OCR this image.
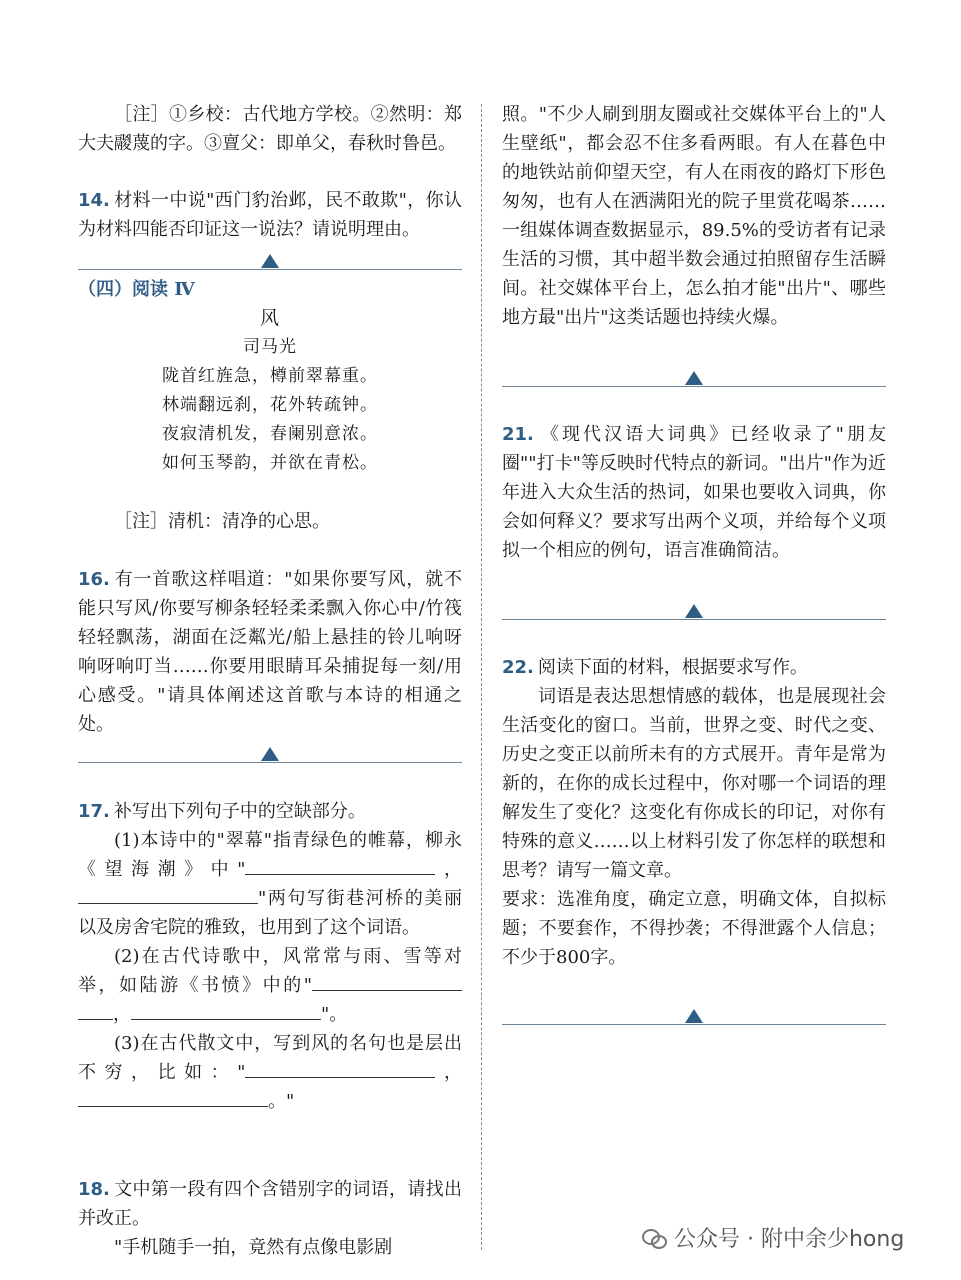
［注］①乡校：古代地方学校。②然明：郑大夫鬷蔑的字。③亶父：即单父，春秋时鲁邑。

14. 材料一中说"西门豹治邺，民不敢欺"，你认为材料四能否印证这一说法？请说明理由。

（四）阅读 Ⅳ
风
司马光
陇首红旌急，樽前翠幕重。
林端翻远刹，花外转疏钟。
夜寂清机发，春阑别意浓。
如何玉琴韵，并欲在青松。

［注］清机：清净的心思。

16. 有一首歌这样唱道："如果你要写风，就不能只写风/你要写柳条轻轻柔柔飘入你心中/竹筏轻轻飘荡，湖面在泛粼光/船上悬挂的铃儿响呀响呀响叮当……你要用眼睛耳朵捕捉每一刻/用心感受。"请具体阐述这首歌与本诗的相通之处。

17. 补写出下列句子中的空缺部分。

(1)本诗中的"翠幕"指青绿色的帷幕，柳永《望海潮》中"	，"两句写街巷河桥的美丽以及房舍宅院的雅致，也用到了这个词语。

(2)在古代诗歌中，风常常与雨、雪等对举，如陆游《书愤》中的"，	"。

(3)在古代散文中，写到风的名句也是层出不穷，比如："	，。"

18. 文中第一段有四个含错别字的词语，请找出并改正。

"手机随手一拍，竟然有点像电影剧

照。"不少人刷到朋友圈或社交媒体平台上的"人生壁纸"，都会忍不住多看两眼。有人在暮色中的地铁站前仰望天空，有人在雨夜的路灯下形色匆匆，也有人在洒满阳光的院子里赏花喝茶……一组媒体调查数据显示，89.5%的受访者有记录生活的习惯，其中超半数会通过拍照留存生活瞬间。社交媒体平台上，怎么拍才能"出片"、哪些地方最"出片"这类话题也持续火爆。

21. 《现代汉语大词典》已经收录了"朋友圈""打卡"等反映时代特点的新词。"出片"作为近年进入大众生活的热词，如果也要收入词典，你会如何释义？要求写出两个义项，并给每个义项拟一个相应的例句，语言准确简洁。

22. 阅读下面的材料，根据要求写作。

词语是表达思想情感的载体，也是展现社会生活变化的窗口。当前，世界之变、时代之变、历史之变正以前所未有的方式展开。青年是常为新的，在你的成长过程中，你对哪一个词语的理解发生了变化？这变化有你成长的印记，对你有特殊的意义……以上材料引发了你怎样的联想和思考？请写一篇文章。

要求：选准角度，确定立意，明确文体，自拟标题；不要套作，不得抄袭；不得泄露个人信息；不少于800字。

公众号 · 附中余少hong
